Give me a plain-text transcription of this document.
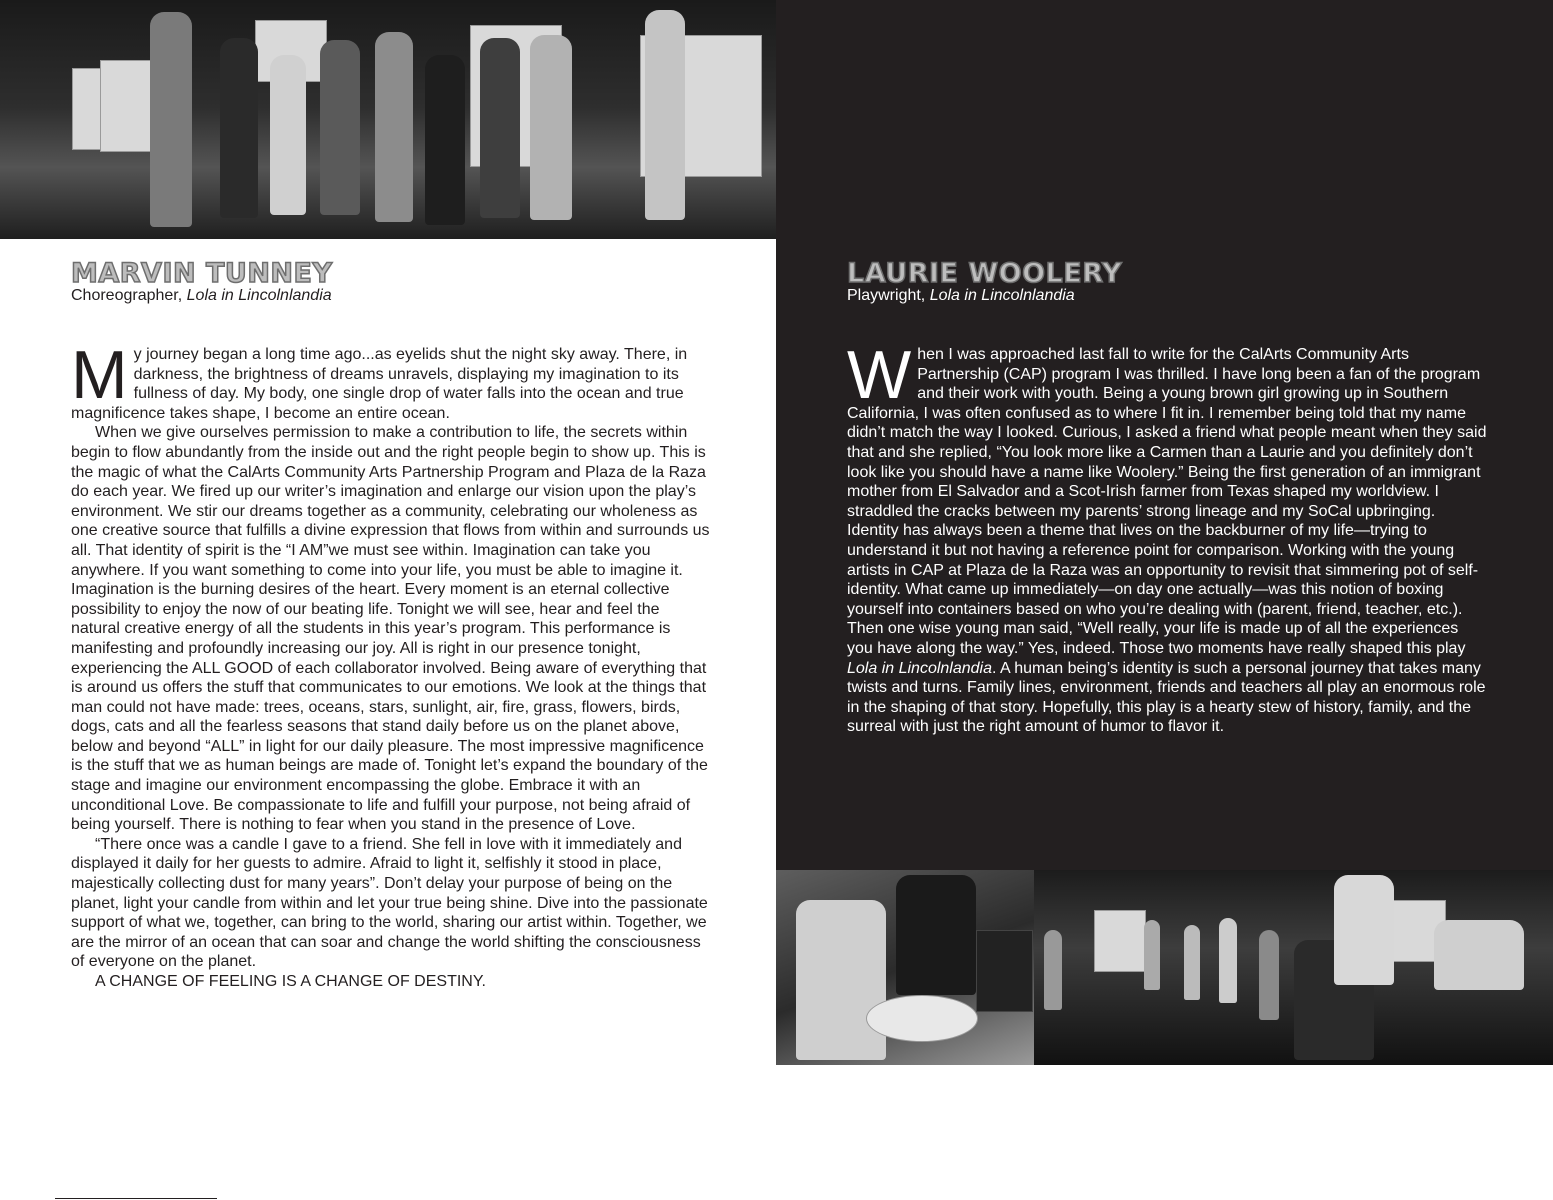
MARVIN TUNNEY
Choreographer, Lola in Lincolnlandia

My journey began a long time ago...as eyelids shut the night sky away. There, in darkness, the brightness of dreams unravels, displaying my imagination to its fullness of day. My body, one single drop of water falls into the ocean and true magnificence takes shape, I become an entire ocean.

When we give ourselves permission to make a contribution to life, the secrets within begin to flow abundantly from the inside out and the right people begin to show up. This is the magic of what the CalArts Community Arts Partnership Program and Plaza de la Raza do each year. We fired up our writer’s imagination and enlarge our vision upon the play’s environment. We stir our dreams together as a community, celebrating our wholeness as one creative source that fulfills a divine expression that flows from within and surrounds us all. That identity of spirit is the “I AM”we must see within. Imagination can take you anywhere. If you want something to come into your life, you must be able to imagine it. Imagination is the burning desires of the heart. Every moment is an eternal collective possibility to enjoy the now of our beating life. Tonight we will see, hear and feel the natural creative energy of all the students in this year’s program. This performance is manifesting and profoundly increasing our joy. All is right in our presence tonight, experiencing the ALL GOOD of each collaborator involved. Being aware of everything that is around us offers the stuff that communicates to our emotions. We look at the things that man could not have made: trees, oceans, stars, sunlight, air, fire, grass, flowers, birds, dogs, cats and all the fearless seasons that stand daily before us on the planet above, below and beyond “ALL” in light for our daily pleasure. The most impressive magnificence is the stuff that we as human beings are made of. Tonight let’s expand the boundary of the stage and imagine our environment encompassing the globe. Embrace it with an unconditional Love. Be compassionate to life and fulfill your purpose, not being afraid of being yourself. There is nothing to fear when you stand in the presence of Love.

“There once was a candle I gave to a friend. She fell in love with it immediately and displayed it daily for her guests to admire. Afraid to light it, selfishly it stood in place, majestically collecting dust for many years”. Don’t delay your purpose of being on the planet, light your candle from within and let your true being shine. Dive into the passionate support of what we, together, can bring to the world, sharing our artist within. Together, we are the mirror of an ocean that can soar and change the world shifting the consciousness of everyone on the planet.

A CHANGE OF FEELING IS A CHANGE OF DESTINY.

LAURIE WOOLERY
Playwright, Lola in Lincolnlandia

When I was approached last fall to write for the CalArts Community Arts Partnership (CAP) program I was thrilled. I have long been a fan of the program and their work with youth. Being a young brown girl growing up in Southern California, I was often confused as to where I fit in. I remember being told that my name didn’t match the way I looked. Curious, I asked a friend what people meant when they said that and she replied, “You look more like a Carmen than a Laurie and you definitely don’t look like you should have a name like Woolery.” Being the first generation of an immigrant mother from El Salvador and a Scot-Irish farmer from Texas shaped my worldview. I straddled the cracks between my parents’ strong lineage and my SoCal upbringing. Identity has always been a theme that lives on the backburner of my life—trying to understand it but not having a reference point for comparison. Working with the young artists in CAP at Plaza de la Raza was an opportunity to revisit that simmering pot of self-identity. What came up immediately—on day one actually—was this notion of boxing yourself into containers based on who you’re dealing with (parent, friend, teacher, etc.). Then one wise young man said, “Well really, your life is made up of all the experiences you have along the way.” Yes, indeed. Those two moments have really shaped this play Lola in Lincolnlandia. A human being’s identity is such a personal journey that takes many twists and turns. Family lines, environment, friends and teachers all play an enormous role in the shaping of that story. Hopefully, this play is a hearty stew of history, family, and the surreal with just the right amount of humor to flavor it.
